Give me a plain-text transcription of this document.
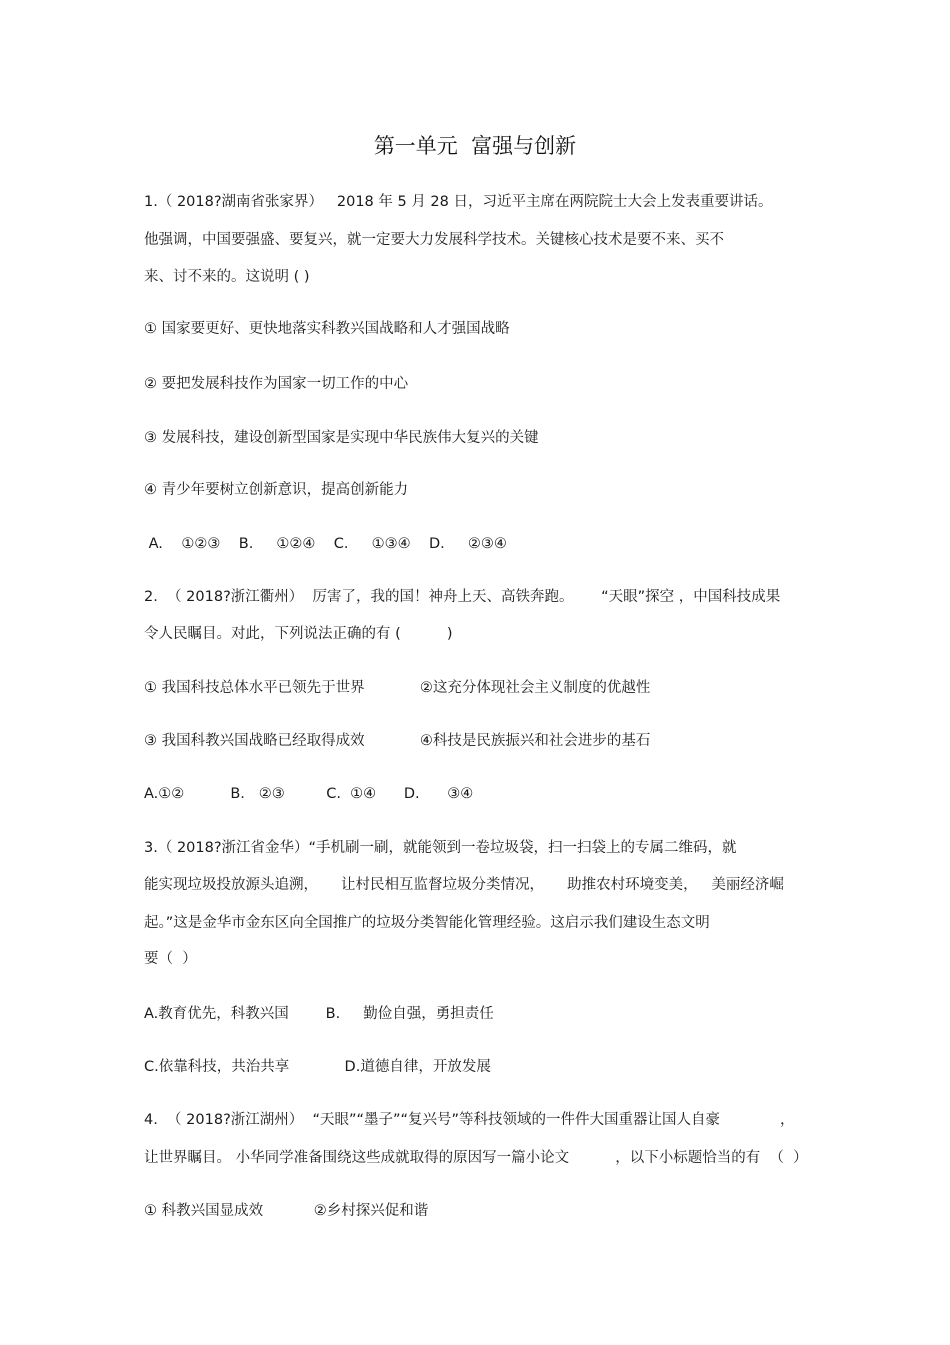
第一单元  富强与创新
1.（ 2018?湖南省张家界）   2018 年 5 月 28 日，习近平主席在两院院士大会上发表重要讲话。
他强调，中国要强盛、要复兴，就一定要大力发展科学技术。关键核心技术是要不来、买不
来、讨不来的。这说明 ( )
① 国家要更好、更快地落实科教兴国战略和人才强国战略
② 要把发展科技作为国家一切工作的中心
③ 发展科技，建设创新型国家是实现中华民族伟大复兴的关键
④ 青少年要树立创新意识，提高创新能力
A.    ①②③    B.     ①②④    C.     ①③④    D.     ②③④
2.  （ 2018?浙江衢州）  厉害了，我的国！神舟上天、高铁奔跑。      “天眼”探空 ，中国科技成果
令人民瞩目。对此，下列说法正确的有 (          )
① 我国科技总体水平已领先于世界            ②这充分体现社会主义制度的优越性
③ 我国科教兴国战略已经取得成效            ④科技是民族振兴和社会进步的基石
A.①②          B.   ②③         C.  ①④      D.      ③④
3.（ 2018?浙江省金华）“手机刷一刷，就能领到一卷垃圾袋，扫一扫袋上的专属二维码，就
能实现垃圾投放源头追溯，     让村民相互监督垃圾分类情况，     助推农村环境变美，   美丽经济崛
起。”这是金华市金东区向全国推广的垃圾分类智能化管理经验。这启示我们建设生态文明
要（  ）
A.教育优先，科教兴国        B.     勤俭自强，勇担责任
C.依靠科技，共治共享            D.道德自律，开放发展
4.  （ 2018?浙江湖州）  “天眼”“墨子”“复兴号”等科技领域的一件件大国重器让国人自豪             ，
让世界瞩目。 小华同学准备围绕这些成就取得的原因写一篇小论文          ，以下小标题恰当的有  （  ）
① 科教兴国显成效           ②乡村探兴促和谐
